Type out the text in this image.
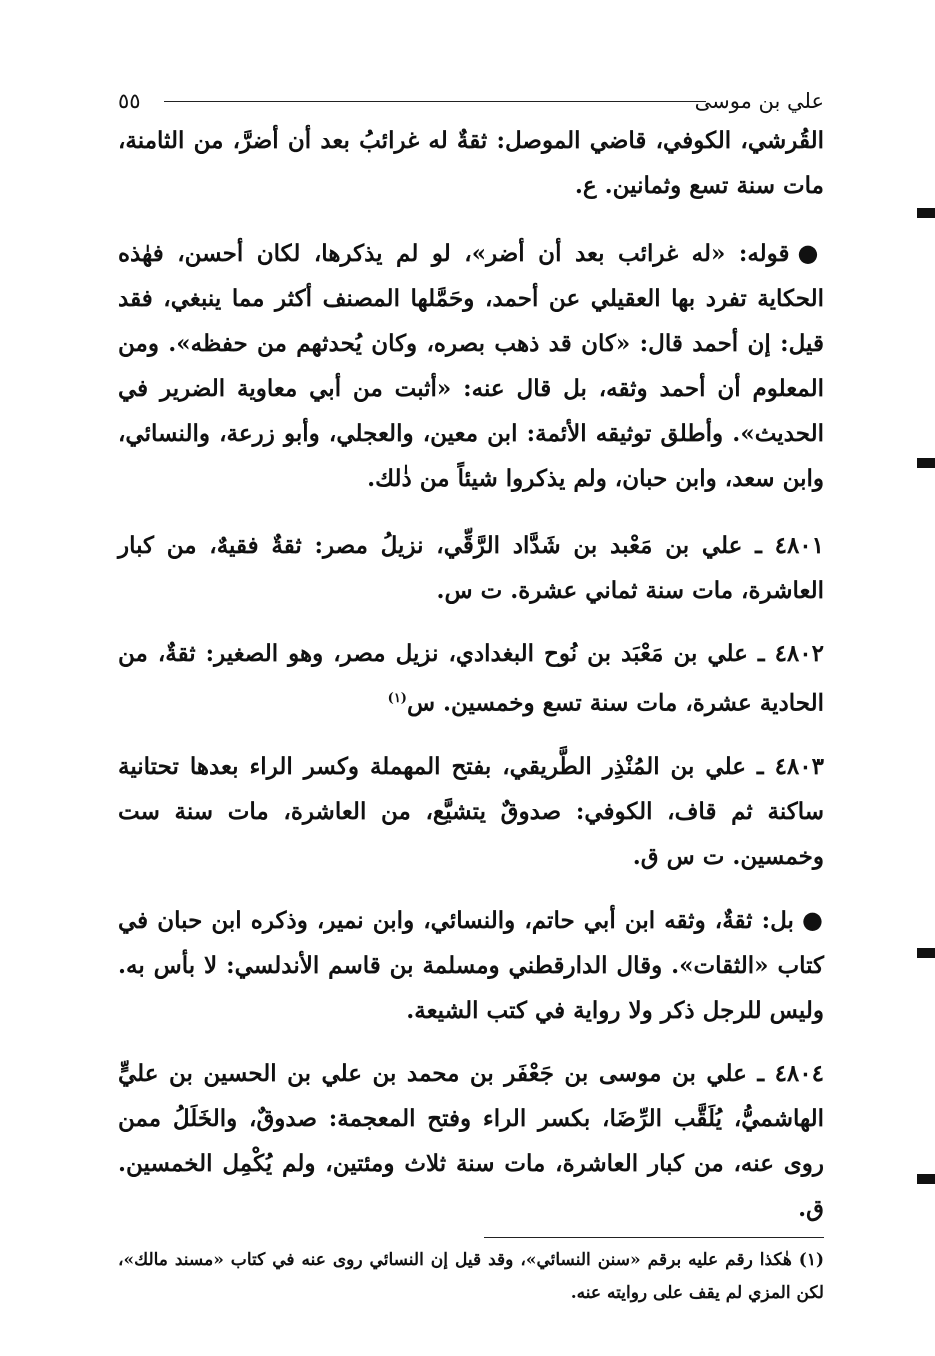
علي بن موسى
٥٥

القُرشي، الكوفي، قاضي الموصل: ثقةٌ له غرائبُ بعد أن أضرَّ، من الثامنة، مات سنة تسع وثمانين. ع.

●قوله: «له غرائب بعد أن أضر»، لو لم يذكرها، لكان أحسن، فهٰذه الحكاية تفرد بها العقيلي عن أحمد، وحَمَّلها المصنف أكثر مما ينبغي، فقد قيل: إن أحمد قال: «كان قد ذهب بصره، وكان يُحدثهم من حفظه». ومن المعلوم أن أحمد وثقه، بل قال عنه: «أثبت من أبي معاوية الضرير في الحديث». وأطلق توثيقه الأئمة: ابن معين، والعجلي، وأبو زرعة، والنسائي، وابن سعد، وابن حبان، ولم يذكروا شيئاً من ذٰلك.

٤٨٠١ ـ علي بن مَعْبد بن شَدَّاد الرَّقِّي، نزيلُ مصر: ثقةٌ فقيهٌ، من كبار العاشرة، مات سنة ثماني عشرة. ت س.

٤٨٠٢ ـ علي بن مَعْبَد بن نُوح البغدادي، نزيل مصر، وهو الصغير: ثقةٌ، من الحادية عشرة، مات سنة تسع وخمسين. س$^{(١)}$

٤٨٠٣ ـ علي بن المُنْذِر الطَّريقي، بفتح المهملة وكسر الراء بعدها تحتانية ساكنة ثم قاف، الكوفي: صدوقٌ يتشيَّع، من العاشرة، مات سنة ست وخمسين. ت س ق.

●بل: ثقةٌ، وثقه ابن أبي حاتم، والنسائي، وابن نمير، وذكره ابن حبان في كتاب «الثقات». وقال الدارقطني ومسلمة بن قاسم الأندلسي: لا بأس به. وليس للرجل ذكر ولا رواية في كتب الشيعة.

٤٨٠٤ ـ علي بن موسى بن جَعْفَر بن محمد بن علي بن الحسين بن عليٍّ الهاشميُّ، يُلَقَّب الرِّضَا، بكسر الراء وفتح المعجمة: صدوقٌ، والخَلَلُ ممن روى عنه، من كبار العاشرة، مات سنة ثلاث ومئتين، ولم يُكْمِل الخمسين. ق.

(١) هٰكذا رقم عليه برقم «سنن النسائي»، وقد قيل إن النسائي روى عنه في كتاب «مسند مالك»، لكن المزي لم يقف على روايته عنه.
